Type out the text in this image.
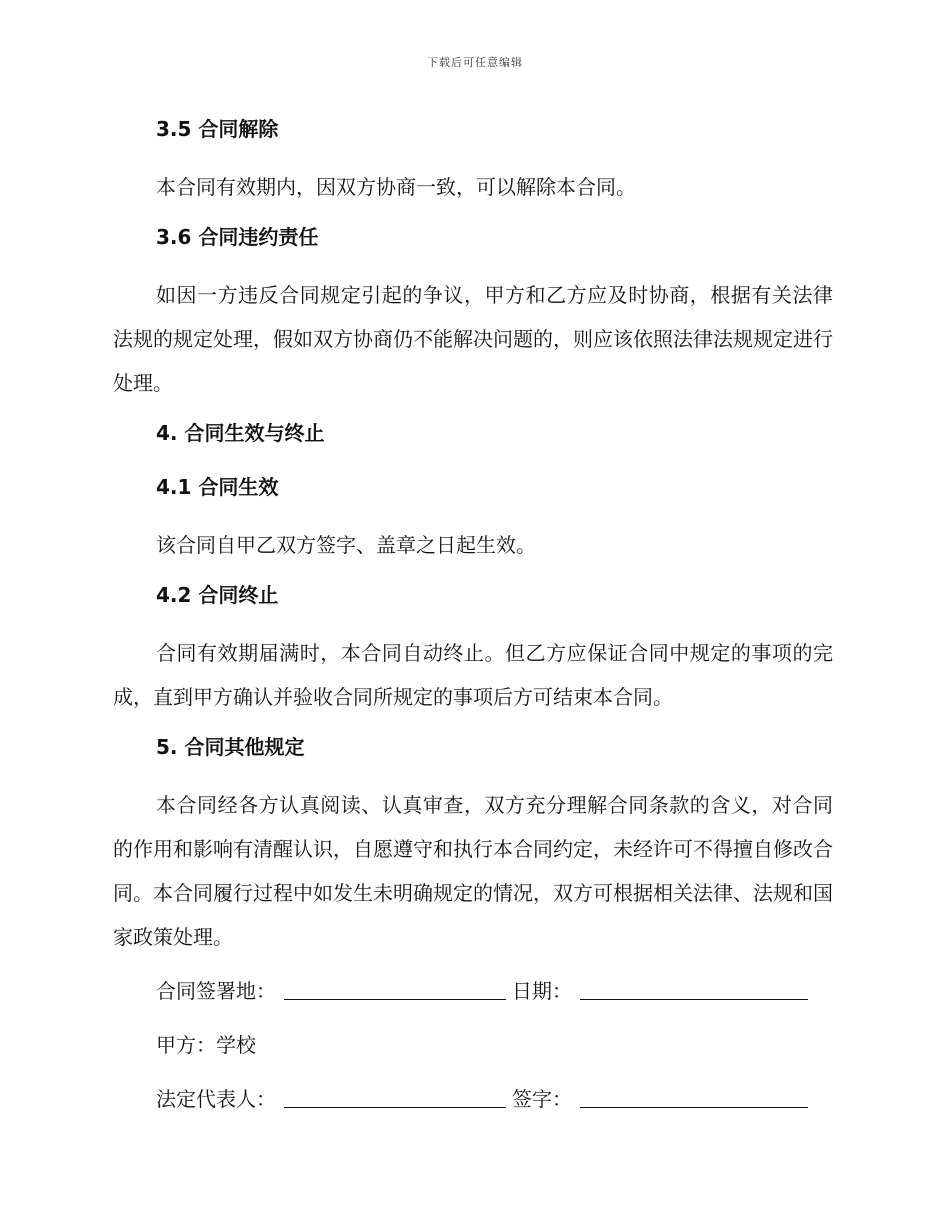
下载后可任意编辑
3.5 合同解除

本合同有效期内，因双方协商一致，可以解除本合同。

3.6 合同违约责任

如因一方违反合同规定引起的争议，甲方和乙方应及时协商，根据有关法律法规的规定处理，假如双方协商仍不能解决问题的，则应该依照法律法规规定进行处理。

4. 合同生效与终止
4.1 合同生效

该合同自甲乙双方签字、盖章之日起生效。

4.2 合同终止

合同有效期届满时，本合同自动终止。但乙方应保证合同中规定的事项的完成，直到甲方确认并验收合同所规定的事项后方可结束本合同。

5. 合同其他规定

本合同经各方认真阅读、认真审查，双方充分理解合同条款的含义，对合同的作用和影响有清醒认识，自愿遵守和执行本合同约定，未经许可不得擅自修改合同。本合同履行过程中如发生未明确规定的情况，双方可根据相关法律、法规和国家政策处理。

合同签署地：	日期：
甲方：学校
法定代表人：	签字：
